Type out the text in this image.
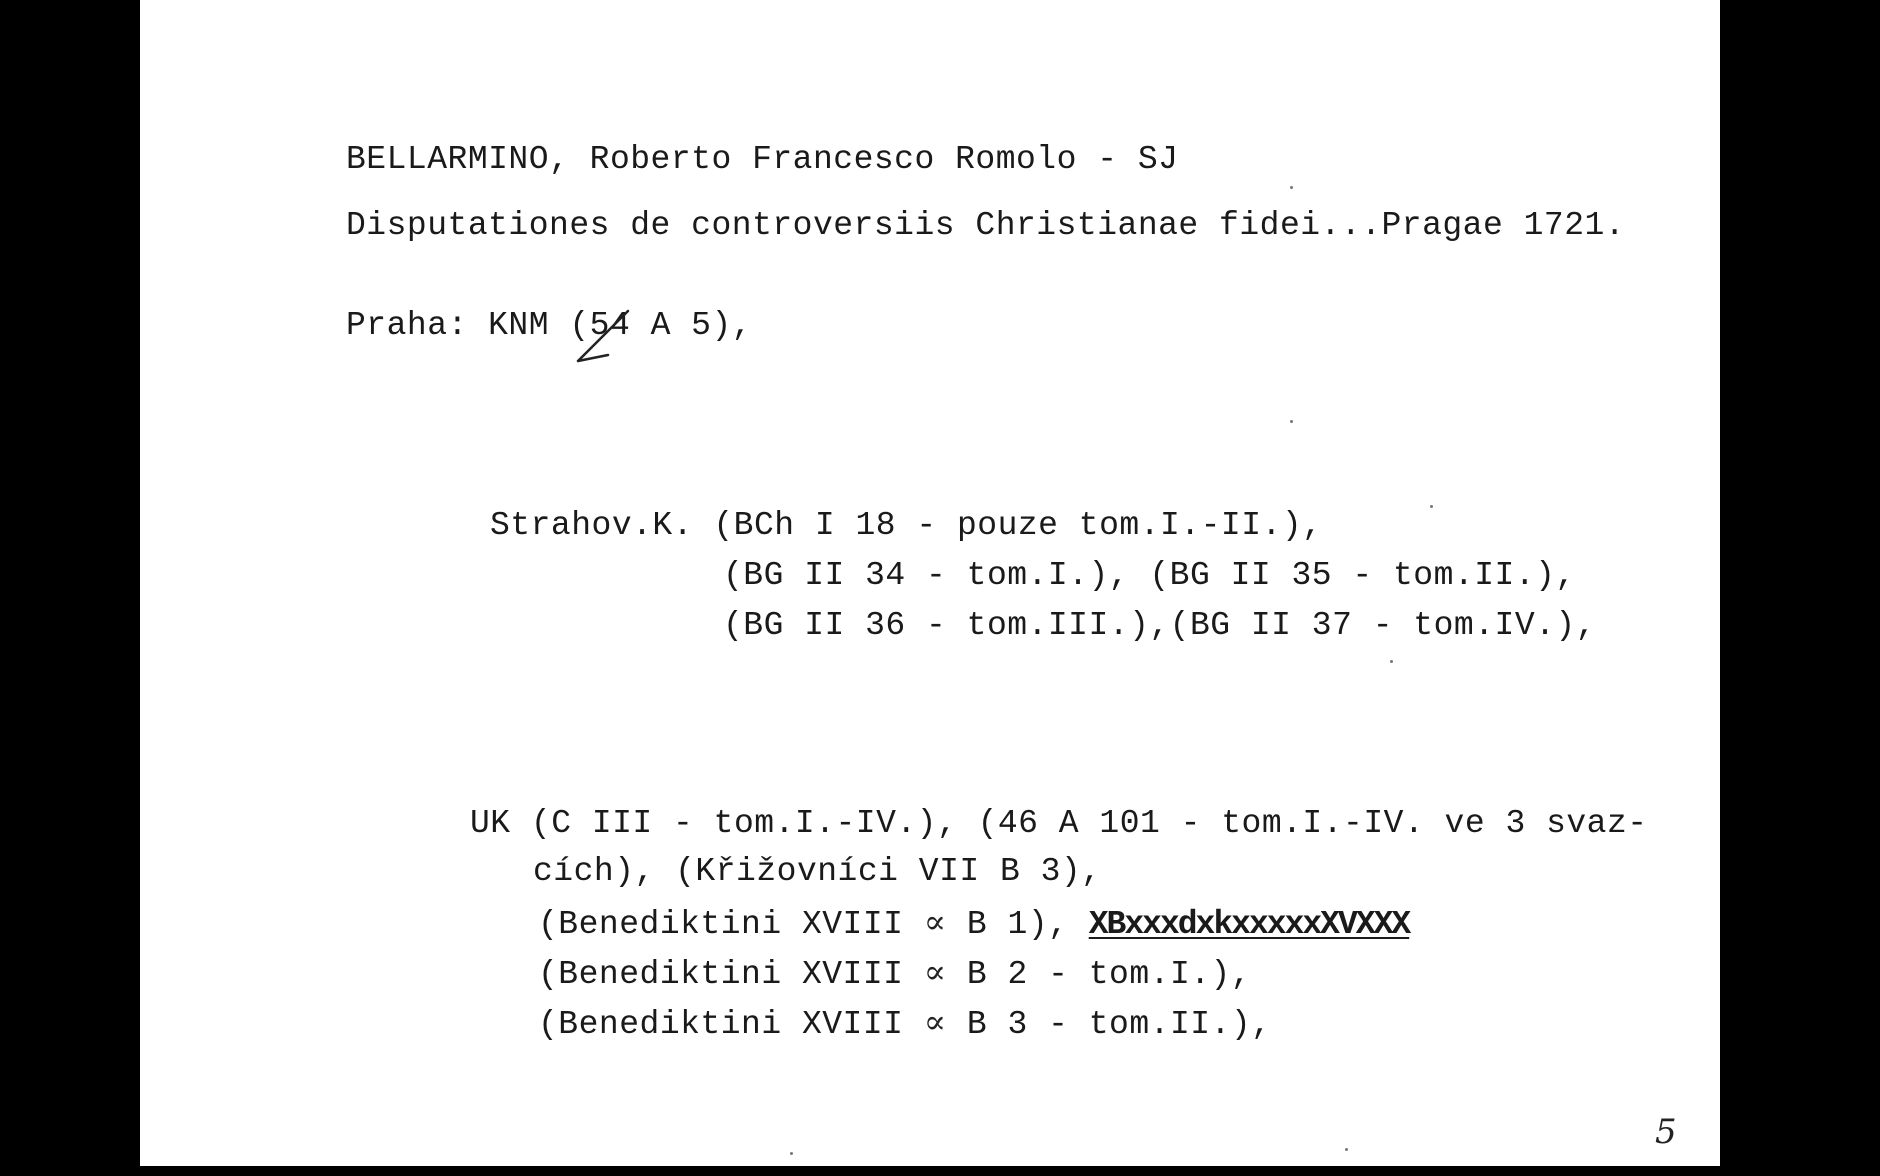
BELLARMINO, Roberto Francesco Romolo - SJ
Disputationes de controversiis Christianae fidei...Pragae 1721.
Praha: KNM (54 A 5),
Strahov.K. (BCh I 18 - pouze tom.I.-II.),
(BG II 34 - tom.I.), (BG II 35 - tom.II.),
(BG II 36 - tom.III.),(BG II 37 - tom.IV.),
UK (C III - tom.I.-IV.), (46 A 101 - tom.I.-IV. ve 3 svaz-
cích), (Křižovníci VII B 3),
(Benediktini XVIII ∝ B 1), XBxxxdxkxxxxxXVXXX
(Benediktini XVIII ∝ B 2 - tom.I.),
(Benediktini XVIII ∝ B 3 - tom.II.),
5
